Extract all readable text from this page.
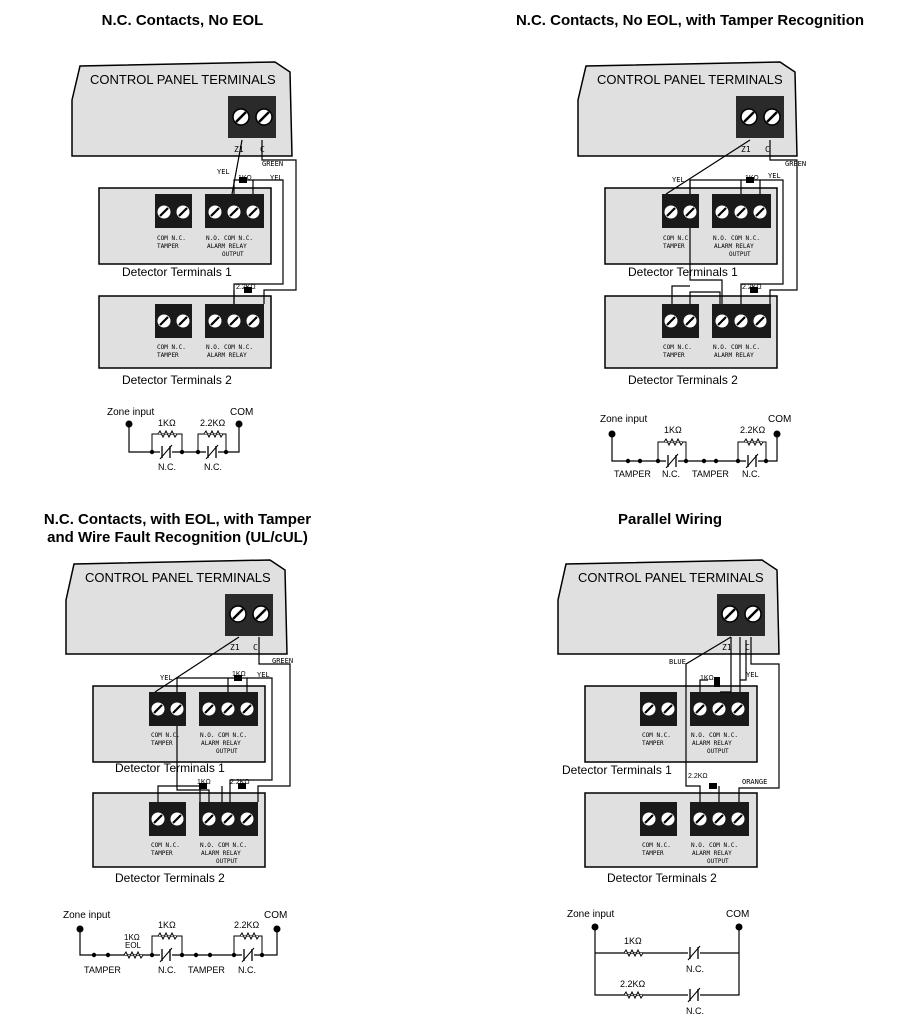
N.C. Contacts, No EOL	N.C. Contacts, No EOL, with Tamper Recognition
N.C. Contacts, with EOL, with Tamper
and Wire Fault Recognition (UL/cUL)
Parallel Wiring
CONTROL PANEL TERMINALS
Z1 C
COM N.C.
TAMPER
N.O. COM N.C.
ALARM RELAY
OUTPUT
Detector Terminals 1
COM N.C.
TAMPER
N.O. COM N.C.
ALARM RELAY
Detector Terminals 2
YEL
YEL
GREEN
1KΩ
2.2KΩ
Zone input	COM
1KΩ	2.2KΩ
N.C.	N.C.
CONTROL PANEL TERMINALS
Z1 C
COM N.C.
TAMPER
N.O. COM N.C.
ALARM RELAY
OUTPUT
Detector Terminals 1
COM N.C.
TAMPER
N.O. COM N.C.
ALARM RELAY
Detector Terminals 2
YEL	YEL
GREEN
1KΩ
2.2KΩ
Zone input	COM
1KΩ	2.2KΩ
TAMPER N.C. TAMPER N.C.
CONTROL PANEL TERMINALS
Z1 C
COM N.C.
TAMPER
N.O. COM N.C.
ALARM RELAY
OUTPUT
Detector Terminals 1
COM N.C.
TAMPER
N.O. COM N.C.
ALARM RELAY
OUTPUT
Detector Terminals 2
YEL	YEL
GREEN
1KΩ
1KΩ	2.2KΩ
Zone input	COM
1KΩ
EOL
1KΩ	2.2KΩ
TAMPER	N.C. TAMPER N.C.
CONTROL PANEL TERMINALS
Z1 C
COM N.C.
TAMPER
N.O. COM N.C.
ALARM RELAY
OUTPUT
Detector Terminals 1
COM N.C.
TAMPER
N.O. COM N.C.
ALARM RELAY
OUTPUT
Detector Terminals 2
BLUE
YEL
ORANGE
1KΩ
2.2KΩ
Zone input	COM
1KΩ
2.2KΩ
N.C.
N.C.
